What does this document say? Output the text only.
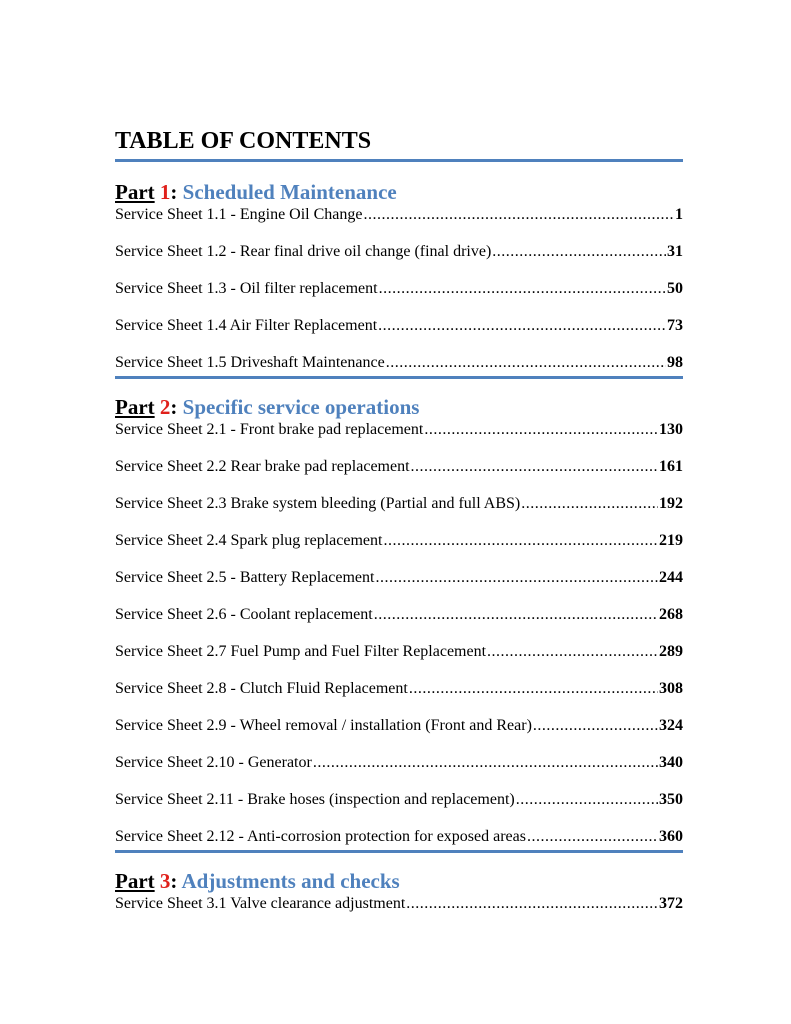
TABLE OF CONTENTS
Part 1: Scheduled Maintenance
Service Sheet 1.1 - Engine Oil Change .....	1
Service Sheet 1.2 - Rear final drive oil change (final drive) .....	31
Service Sheet 1.3 - Oil filter replacement .....	50
Service Sheet 1.4 Air Filter Replacement .....	73
Service Sheet 1.5 Driveshaft Maintenance .....	98
Part 2: Specific service operations
Service Sheet 2.1 - Front brake pad replacement .....	130
Service Sheet 2.2 Rear brake pad replacement .....	161
Service Sheet 2.3 Brake system bleeding (Partial and full ABS) .....	192
Service Sheet 2.4 Spark plug replacement .....	219
Service Sheet 2.5 - Battery Replacement .....	244
Service Sheet 2.6 - Coolant replacement .....	268
Service Sheet 2.7 Fuel Pump and Fuel Filter Replacement .....	289
Service Sheet 2.8 - Clutch Fluid Replacement .....	308
Service Sheet 2.9 - Wheel removal / installation (Front and Rear) .....	324
Service Sheet 2.10 - Generator .....	340
Service Sheet 2.11 - Brake hoses (inspection and replacement) .....	350
Service Sheet 2.12 - Anti-corrosion protection for exposed areas .....	360
Part 3: Adjustments and checks
Service Sheet 3.1 Valve clearance adjustment .....	372
